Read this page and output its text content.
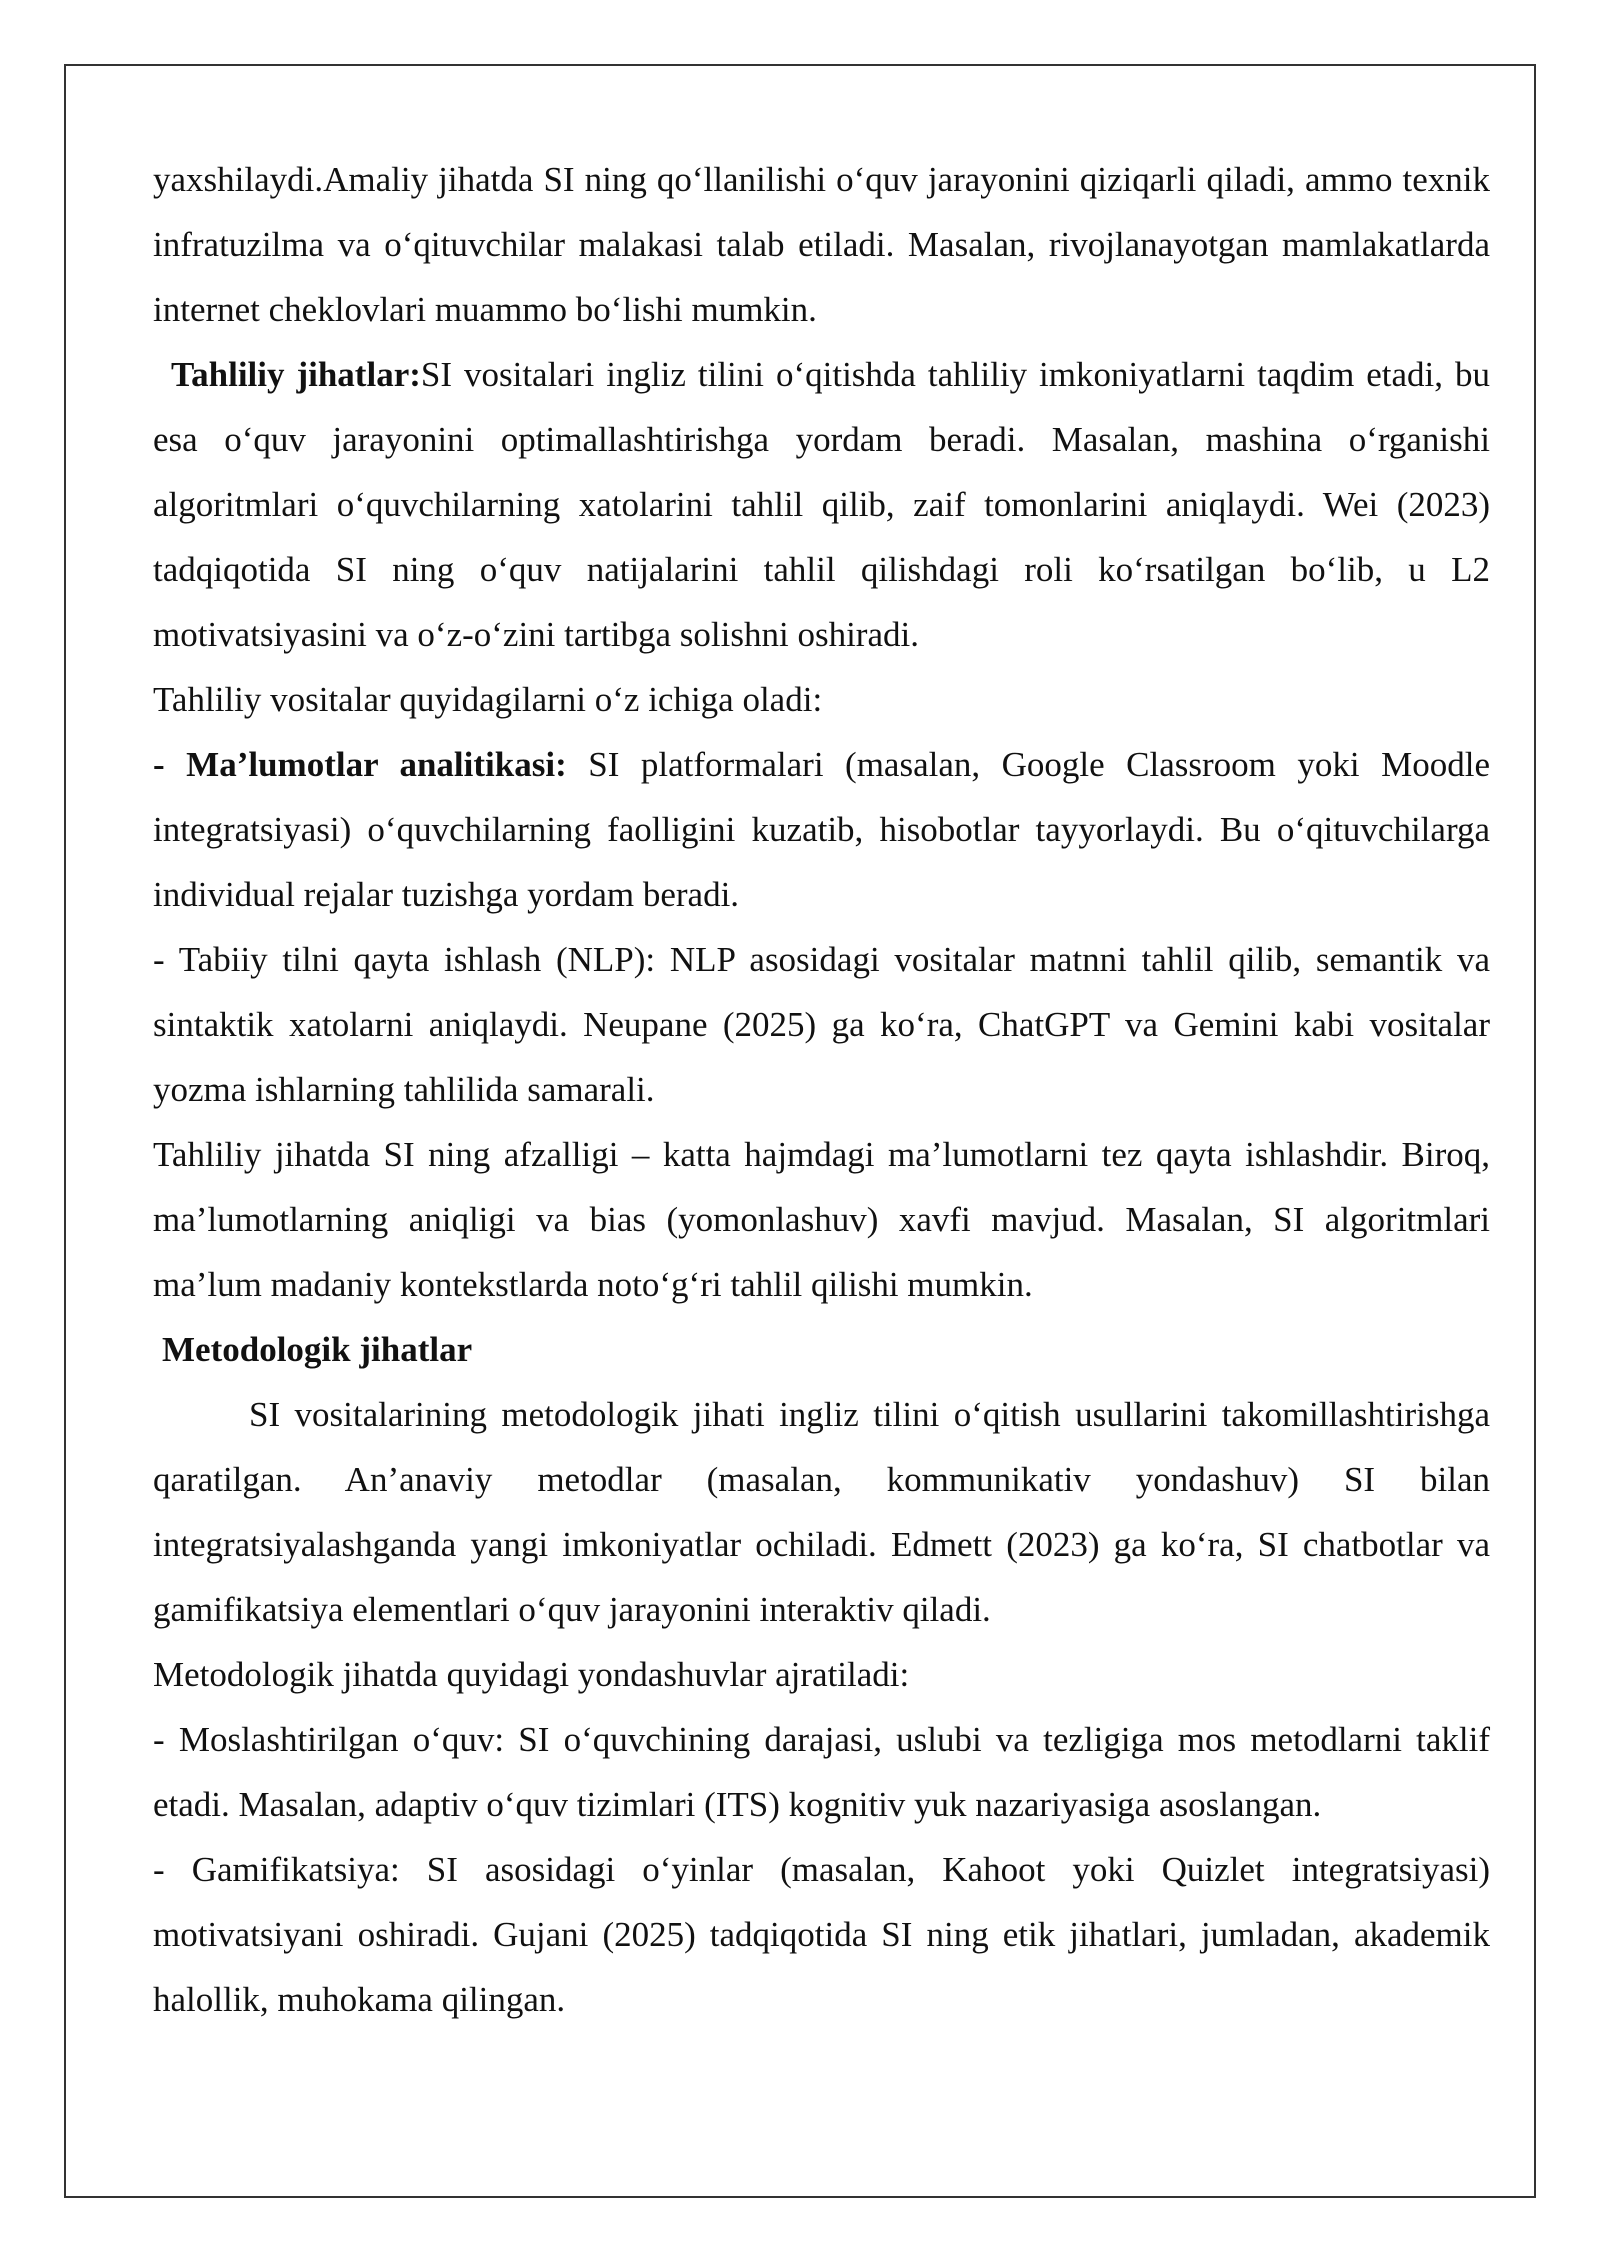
yaxshilaydi.Amaliy jihatda SI ning qo‘llanilishi o‘quv jarayonini qiziqarli qiladi, ammo texnik infratuzilma va o‘qituvchilar malakasi talab etiladi. Masalan, rivojlanayotgan mamlakatlarda internet cheklovlari muammo bo‘lishi mumkin.

Tahliliy jihatlar:SI vositalari ingliz tilini o‘qitishda tahliliy imkoniyatlarni taqdim etadi, bu esa o‘quv jarayonini optimallashtirishga yordam beradi. Masalan, mashina o‘rganishi algoritmlari o‘quvchilarning xatolarini tahlil qilib, zaif tomonlarini aniqlaydi. Wei (2023) tadqiqotida SI ning o‘quv natijalarini tahlil qilishdagi roli ko‘rsatilgan bo‘lib, u L2 motivatsiyasini va o‘z-o‘zini tartibga solishni oshiradi.

Tahliliy vositalar quyidagilarni o‘z ichiga oladi:

- Ma’lumotlar analitikasi: SI platformalari (masalan, Google Classroom yoki Moodle integratsiyasi) o‘quvchilarning faolligini kuzatib, hisobotlar tayyorlaydi. Bu o‘qituvchilarga individual rejalar tuzishga yordam beradi.

- Tabiiy tilni qayta ishlash (NLP): NLP asosidagi vositalar matnni tahlil qilib, semantik va sintaktik xatolarni aniqlaydi. Neupane (2025) ga ko‘ra, ChatGPT va Gemini kabi vositalar yozma ishlarning tahlilida samarali.

Tahliliy jihatda SI ning afzalligi – katta hajmdagi ma’lumotlarni tez qayta ishlashdir. Biroq, ma’lumotlarning aniqligi va bias (yomonlashuv) xavfi mavjud. Masalan, SI algoritmlari ma’lum madaniy kontekstlarda noto‘g‘ri tahlil qilishi mumkin.

Metodologik jihatlar

SI vositalarining metodologik jihati ingliz tilini o‘qitish usullarini takomillashtirishga qaratilgan. An’anaviy metodlar (masalan, kommunikativ yondashuv) SI bilan integratsiyalashganda yangi imkoniyatlar ochiladi. Edmett (2023) ga ko‘ra, SI chatbotlar va gamifikatsiya elementlari o‘quv jarayonini interaktiv qiladi.

Metodologik jihatda quyidagi yondashuvlar ajratiladi:

- Moslashtirilgan o‘quv: SI o‘quvchining darajasi, uslubi va tezligiga mos metodlarni taklif etadi. Masalan, adaptiv o‘quv tizimlari (ITS) kognitiv yuk nazariyasiga asoslangan.

- Gamifikatsiya: SI asosidagi o‘yinlar (masalan, Kahoot yoki Quizlet integratsiyasi) motivatsiyani oshiradi. Gujani (2025) tadqiqotida SI ning etik jihatlari, jumladan, akademik halollik, muhokama qilingan.
